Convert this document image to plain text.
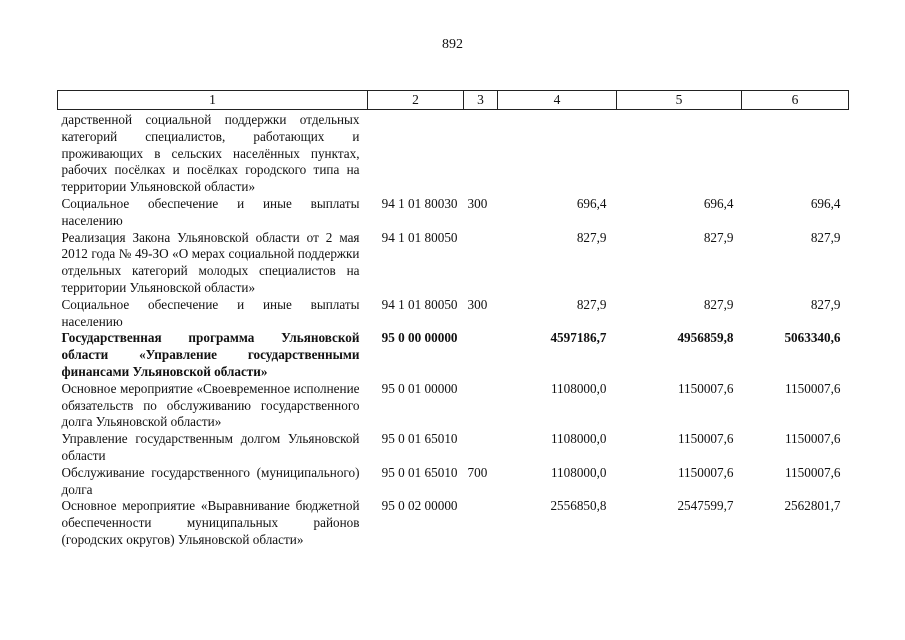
892
1	2	3	4	5	6
дарственной социальной поддержки отдельных категорий специалистов, работающих и проживающих в сельских населённых пунктах, рабочих посёлках и посёлках городского типа на территории Ульяновской области»					
Социальное обеспечение и иные выплаты населению	94 1 01 80030	300	696,4	696,4	696,4
Реализация Закона Ульяновской области от 2 мая 2012 года № 49-ЗО «О мерах социальной поддержки отдельных категорий молодых специалистов на территории Ульяновской области»	94 1 01 80050		827,9	827,9	827,9
Социальное обеспечение и иные выплаты населению	94 1 01 80050	300	827,9	827,9	827,9
Государственная программа Ульяновской области «Управление государственными финансами Ульяновской области»	95 0 00 00000		4597186,7	4956859,8	5063340,6
Основное мероприятие «Своевременное исполнение обязательств по обслуживанию государственного долга Ульяновской области»	95 0 01 00000		1108000,0	1150007,6	1150007,6
Управление государственным долгом Ульяновской области	95 0 01 65010		1108000,0	1150007,6	1150007,6
Обслуживание государственного (муниципального) долга	95 0 01 65010	700	1108000,0	1150007,6	1150007,6
Основное мероприятие «Выравнивание бюджетной обеспеченности муниципальных районов (городских округов) Ульяновской области»	95 0 02 00000		2556850,8	2547599,7	2562801,7
